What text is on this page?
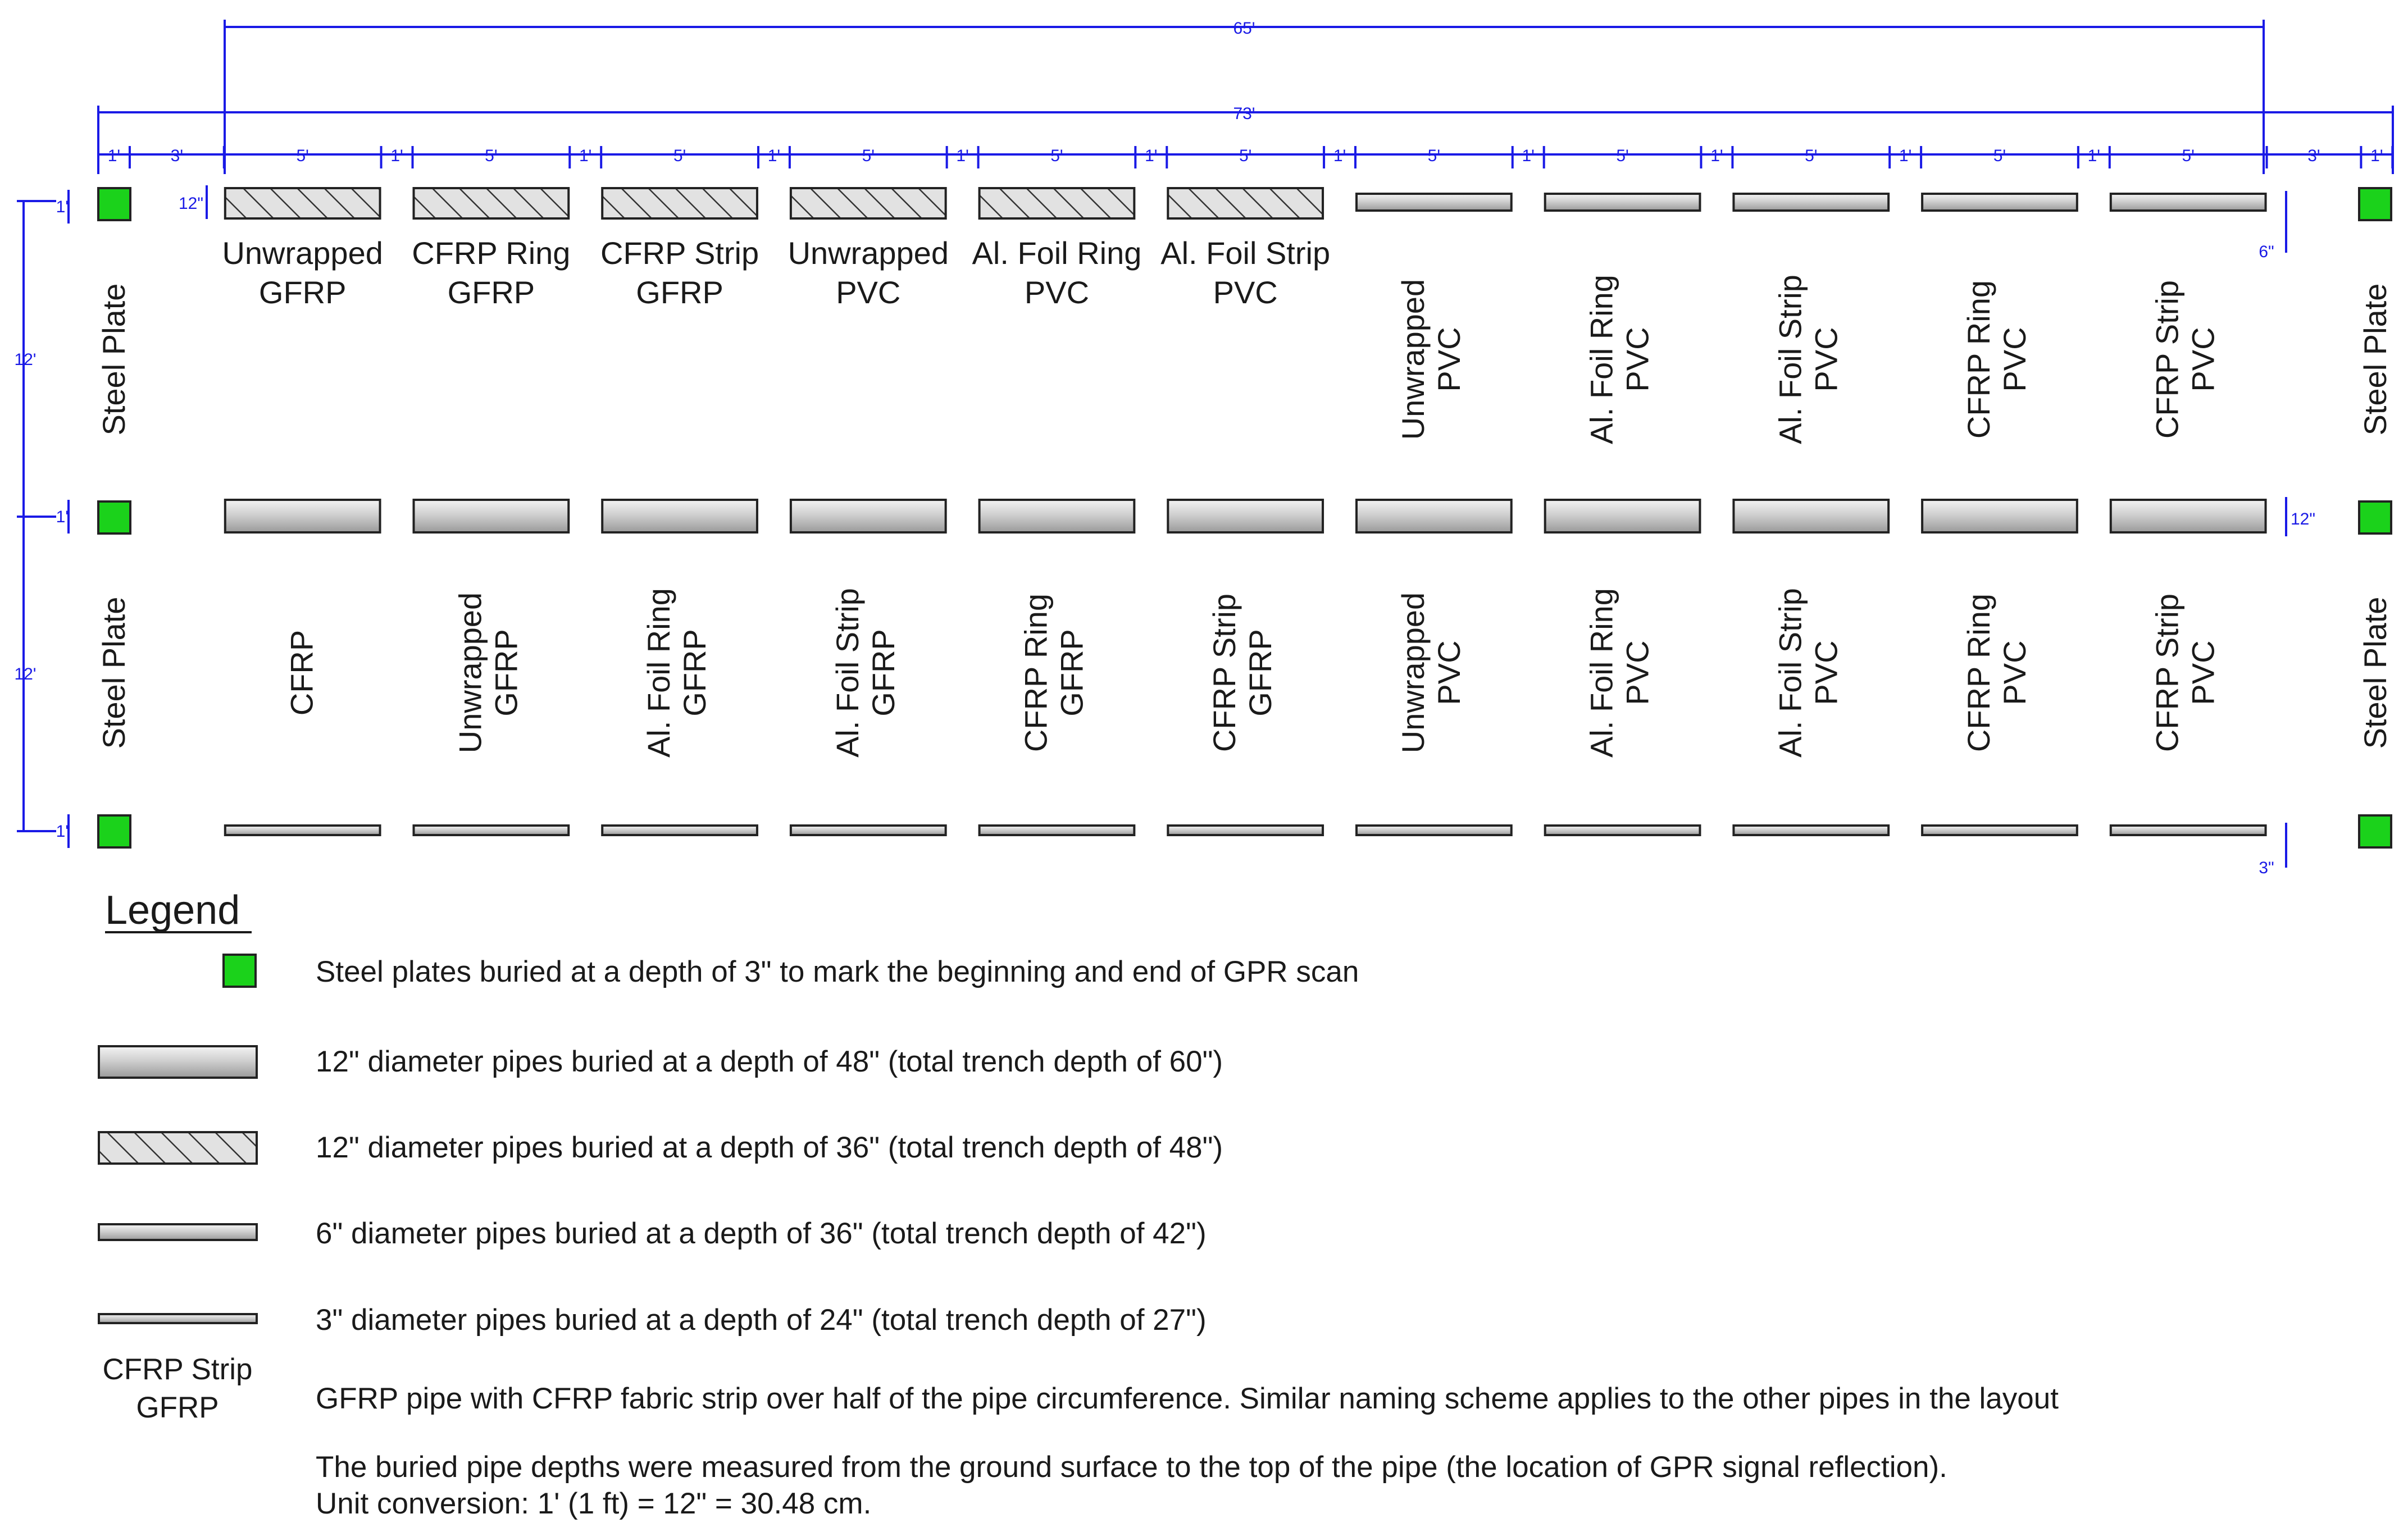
65'
73'
1'	3'	5'	1'	5'	1'	5'	1'	5'	1'	5'	1'	5'	1'	5'	1'	5'	1'	5'	1'	5'	1'	5'	3'	1'
12'
12'
1'
1'
1'
12"
6"
12"
3"
Steel Plate	Steel Plate
Steel Plate	Steel Plate
Unwrapped
GFRP
CFRP Ring
GFRP
CFRP Strip
GFRP
Unwrapped
PVC
Al. Foil Ring
PVC
Al. Foil Strip
PVC	Unwrapped PVC	Al. Foil Ring PVC	Al. Foil Strip PVC	CFRP Ring PVC	CFRP Strip PVC
CFRP	Unwrapped GFRP	Al. Foil Ring GFRP	Al. Foil Strip GFRP	CFRP Ring GFRP	CFRP Strip GFRP	Unwrapped PVC	Al. Foil Ring PVC	Al. Foil Strip PVC	CFRP Ring PVC	CFRP Strip PVC
Legend
Steel plates buried at a depth of 3" to mark the beginning and end of GPR scan
12" diameter pipes buried at a depth of 48" (total trench depth of 60")
12" diameter pipes buried at a depth of 36" (total trench depth of 48")
6" diameter pipes buried at a depth of 36" (total trench depth of 42")
3" diameter pipes buried at a depth of 24" (total trench depth of 27")
CFRP Strip
GFRP	GFRP pipe with CFRP fabric strip over half of the pipe circumference. Similar naming scheme applies to the other pipes in the layout
The buried pipe depths were measured from the ground surface to the top of the pipe (the location of GPR signal reflection).
Unit conversion: 1' (1 ft) = 12" = 30.48 cm.
